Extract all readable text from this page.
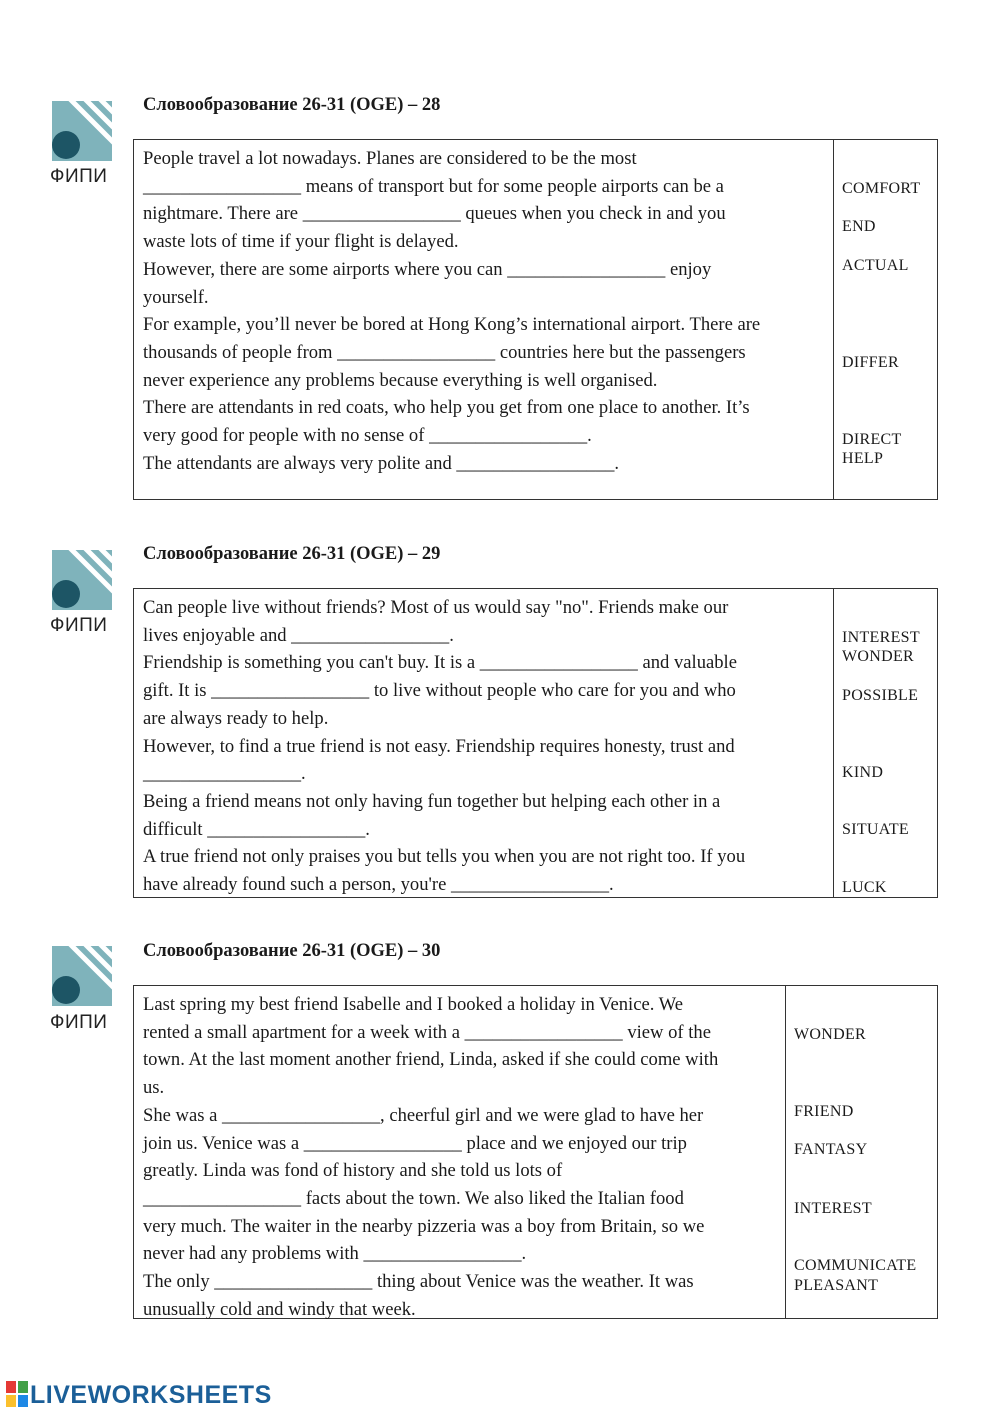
ФИПИ
Словообразование 26-31 (OGE) – 28
People travel a lot nowadays. Planes are considered to be the most
_________________ means of transport but for some people airports can be a
nightmare. There are _________________ queues when you check in and you
waste lots of time if your flight is delayed.
However, there are some airports where you can _________________ enjoy
yourself.
For example, you’ll never be bored at Hong Kong’s international airport. There are
thousands of people from _________________ countries here but the passengers
never experience any problems because everything is well organised.
There are attendants in red coats, who help you get from one place to another. It’s
very good for people with no sense of _________________.
The attendants are always very polite and _________________.
COMFORT
END
ACTUAL
DIFFER
DIRECT
HELP
ФИПИ
Словообразование 26-31 (OGE) – 29
Can people live without friends? Most of us would say "no". Friends make our
lives enjoyable and _________________.
Friendship is something you can't buy. It is a _________________ and valuable
gift. It is _________________ to live without people who care for you and who
are always ready to help.
However, to find a true friend is not easy. Friendship requires honesty, trust and
_________________.
Being a friend means not only having fun together but helping each other in a
difficult _________________.
A true friend not only praises you but tells you when you are not right too. If you
have already found such a person, you're _________________.
INTEREST
WONDER
POSSIBLE
KIND
SITUATE
LUCK
ФИПИ
Словообразование 26-31 (OGE) – 30
Last spring my best friend Isabelle and I booked a holiday in Venice. We
rented a small apartment for a week with a _________________ view of the
town. At the last moment another friend, Linda, asked if she could come with
us.
She was a _________________, cheerful girl and we were glad to have her
join us. Venice was a _________________ place and we enjoyed our trip
greatly. Linda was fond of history and she told us lots of
_________________ facts about the town. We also liked the Italian food
very much. The waiter in the nearby pizzeria was a boy from Britain, so we
never had any problems with _________________.
The only _________________ thing about Venice was the weather. It was
unusually cold and windy that week.
WONDER
FRIEND
FANTASY
INTEREST
COMMUNICATE
PLEASANT
LIVEWORKSHEETS
